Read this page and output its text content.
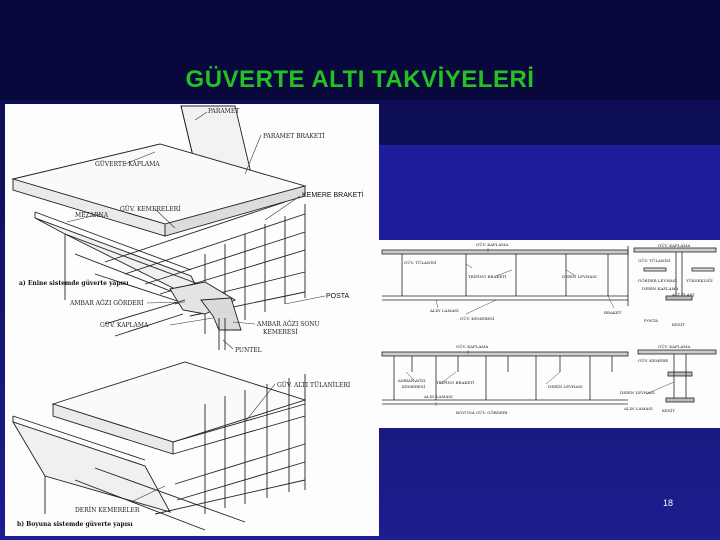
GÜVERTE ALTI TAKVİYELERİ
PARAMET
PARAMET BRAKETİ
GÜVERTE KAPLAMA
GÜV. KEMERELERİ
MEZARNA
KEMERE BRAKETİ
a) Enine sistemde güverte yapısı
POSTA
AMBAR AĞZI GÖRDERİ
GÜV. KAPLAMA	AMBAR AĞZI SONU
KEMERESİ
PUNTEL
GÜV. ALTI TÜLANİLERİ
DERİN KEMERELER
b) Boyuna sistemde güverte yapısı
GÜV. KAPLAMA
GÜV. TÜLANİSİ
TRİPİNG BRAKETİ	DERİN LEVHASI
GÜV. KAPLAMA
GÜV. TÜLANİSİ
YÜKSEKLİĞİ
GÖRDER LEVHASI
DERİN KAPLAMA
ALT FLANJ
ALIN LAMASI
GÜV. KEMERESİ
BRAKET
POSTA
KESİT
GÜV. KAPLAMA	GÜV. KAPLAMA
GÜV. KEMERE
AMBAR AĞZI
KEMERESİ
TRİPİNG BRAKETİ
DERİN LEVHASI
ALIN LAMASI
BOYUNA GÜV. GÖRDERİ
DERİN LEVHASI
ALIN LAMASI KESİT
18
